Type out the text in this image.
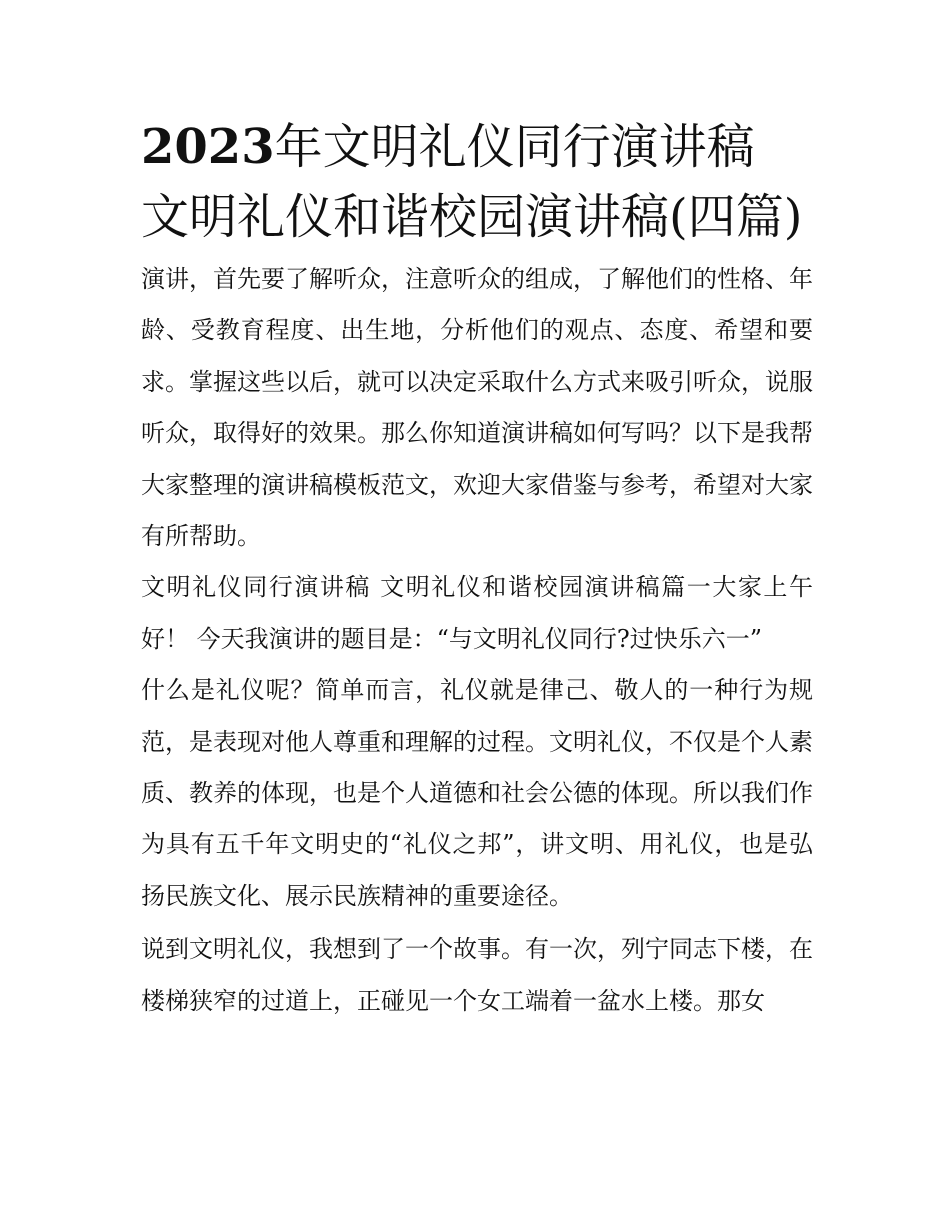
2023年文明礼仪同行演讲稿 文明礼仪和谐校园演讲稿(四篇)

演讲，首先要了解听众，注意听众的组成，了解他们的性格、年龄、受教育程度、出生地，分析他们的观点、态度、希望和要求。掌握这些以后，就可以决定采取什么方式来吸引听众，说服听众，取得好的效果。那么你知道演讲稿如何写吗？以下是我帮大家整理的演讲稿模板范文，欢迎大家借鉴与参考，希望对大家有所帮助。

文明礼仪同行演讲稿 文明礼仪和谐校园演讲稿篇一大家上午好！ 今天我演讲的题目是：“与文明礼仪同行?过快乐六一”

什么是礼仪呢？简单而言，礼仪就是律己、敬人的一种行为规范，是表现对他人尊重和理解的过程。文明礼仪，不仅是个人素质、教养的体现，也是个人道德和社会公德的体现。所以我们作为具有五千年文明史的“礼仪之邦”，讲文明、用礼仪，也是弘扬民族文化、展示民族精神的重要途径。

说到文明礼仪，我想到了一个故事。有一次，列宁同志下楼，在楼梯狭窄的过道上，正碰见一个女工端着一盆水上楼。那女
